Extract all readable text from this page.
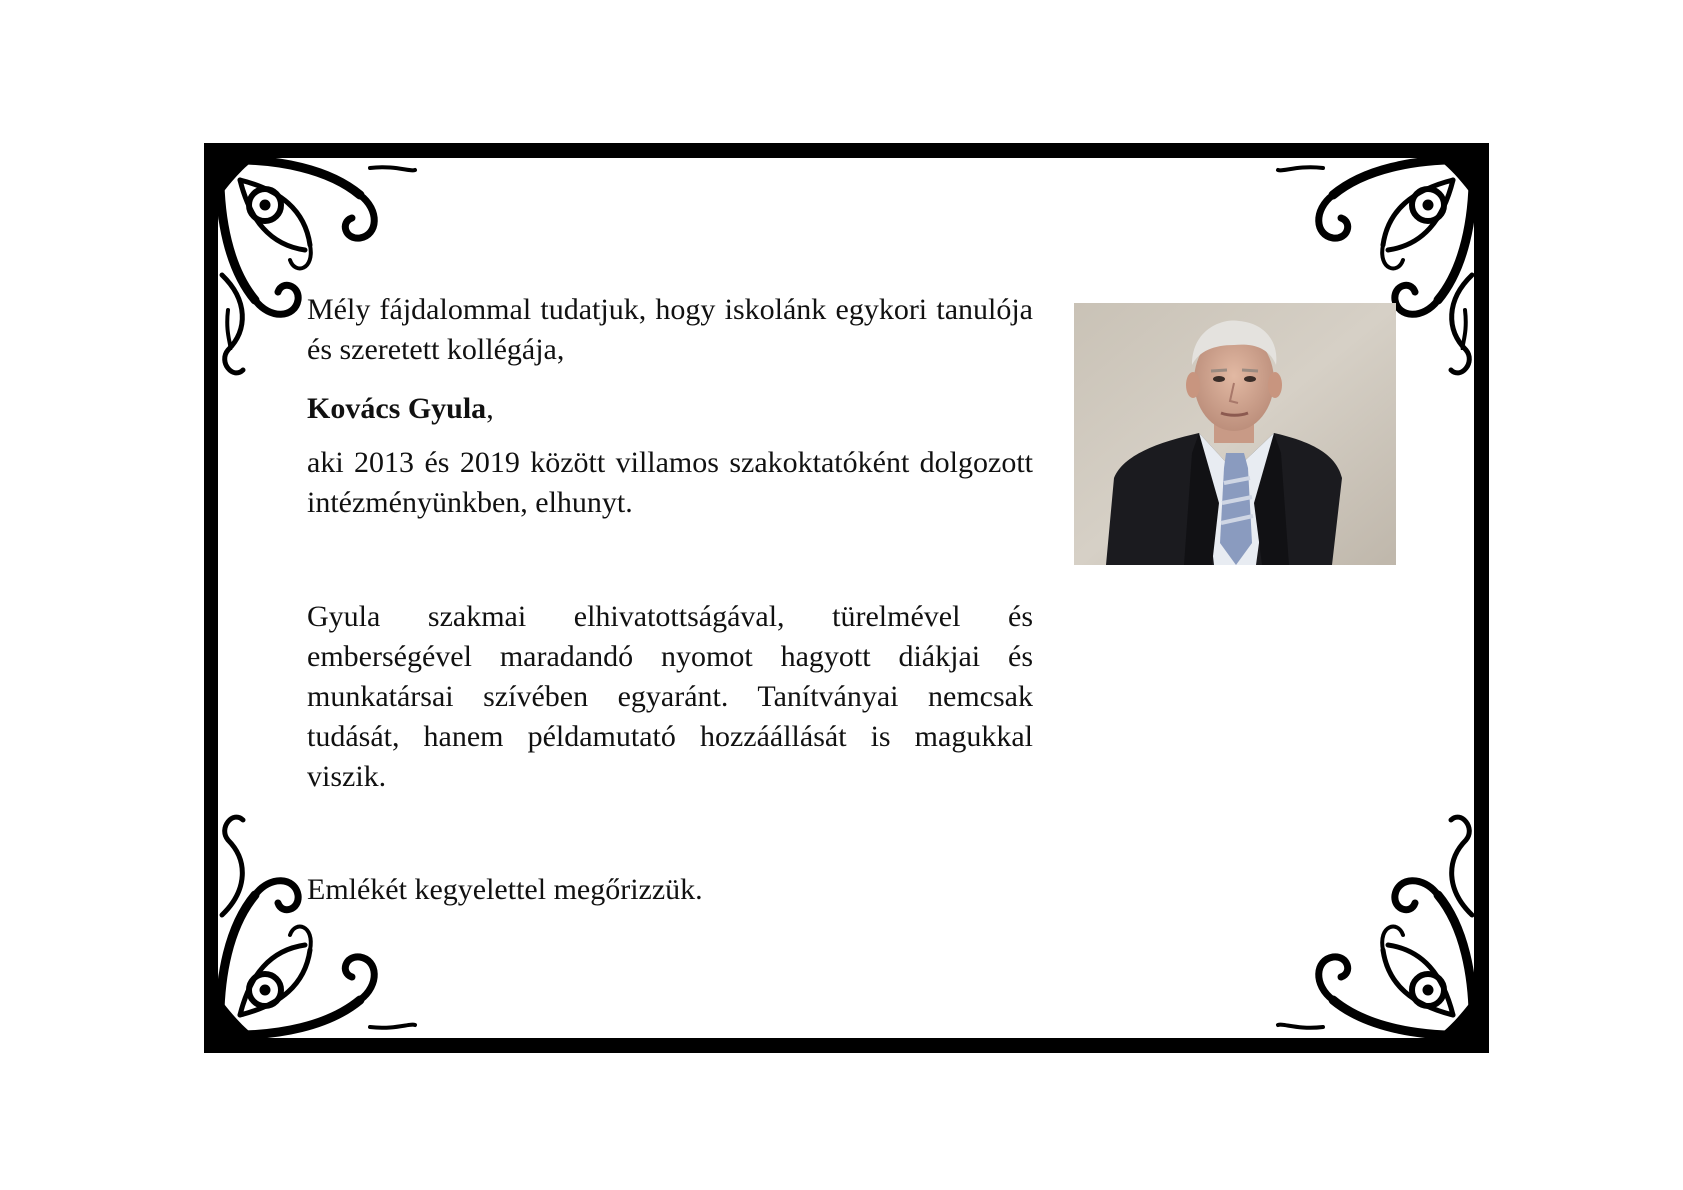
Mély fájdalommal tudatjuk, hogy iskolánk egykori tanulója és szeretett kollégája,

Kovács Gyula,

aki 2013 és 2019 között villamos szakoktatóként dolgozott intézményünkben, elhunyt.

Gyula szakmai elhivatottságával, türelmével és emberségével maradandó nyomot hagyott diákjai és munkatársai szívében egyaránt. Tanítványai nemcsak tudását, hanem példamutató hozzáállását is magukkal viszik.

Emlékét kegyelettel megőrizzük.
